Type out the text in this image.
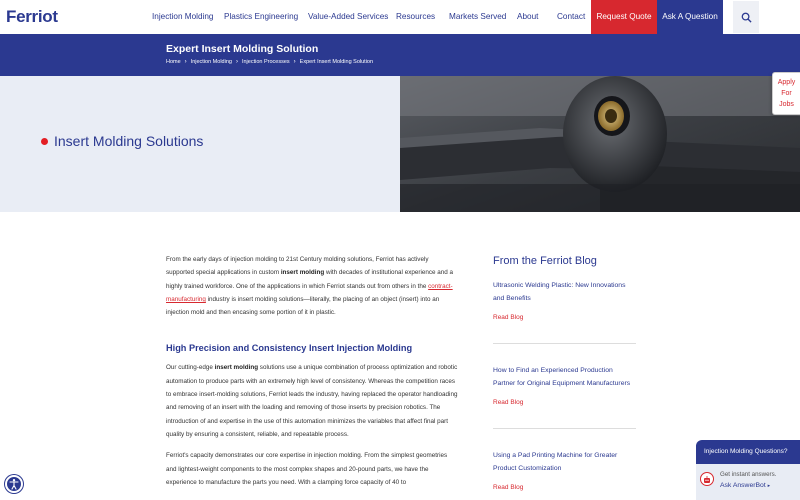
Ferriot	Injection Molding Plastics Engineering Value-Added Services Resources Markets Served About Contact	Request Quote	Ask A Question
Expert Insert Molding Solution
Home › Injection Molding › Injection Processes › Expert Insert Molding Solution
Insert Molding Solutions
Apply
For
Jobs

From the early days of injection molding to 21st Century molding solutions, Ferriot has actively supported special applications in custom insert molding with decades of institutional experience and a highly trained workforce. One of the applications in which Ferriot stands out from others in the contract-manufacturing industry is insert molding solutions—literally, the placing of an object (insert) into an injection mold and then encasing some portion of it in plastic.

High Precision and Consistency Insert Injection Molding

Our cutting-edge insert molding solutions use a unique combination of process optimization and robotic automation to produce parts with an extremely high level of consistency. Whereas the competition races to embrace insert-molding solutions, Ferriot leads the industry, having replaced the operator handloading and removing of an insert with the loading and removing of those inserts by precision robotics. The introduction of and expertise in the use of this automation minimizes the variables that affect final part quality by ensuring a consistent, reliable, and repeatable process.

Ferriot's capacity demonstrates our core expertise in injection molding. From the simplest geometries and lightest-weight components to the most complex shapes and 20-pound parts, we have the experience to manufacture the parts you need. With a clamping force capacity of 40 to

From the Ferriot Blog
Ultrasonic Welding Plastic: New Innovations and Benefits
Read Blog
How to Find an Experienced Production Partner for Original Equipment Manufacturers
Read Blog
Using a Pad Printing Machine for Greater Product Customization
Read Blog
Injection Molding Questions?
Get instant answers.
Ask AnswerBot ▸
